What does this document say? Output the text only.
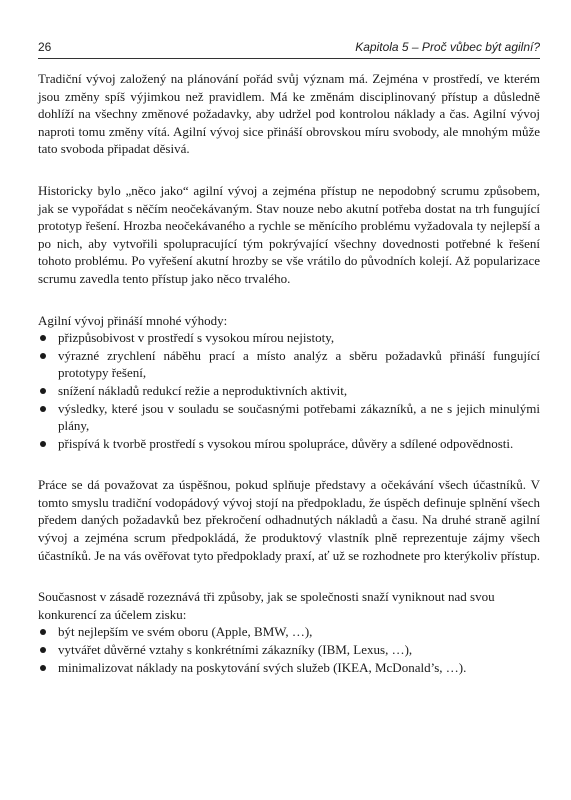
26	Kapitola 5 – Proč vůbec být agilní?

Tradiční vývoj založený na plánování pořád svůj význam má. Zejména v prostředí, ve kterém jsou změny spíš výjimkou než pravidlem. Má ke změnám disciplinovaný přístup a důsledně dohlíží na všechny změnové požadavky, aby udržel pod kontrolou náklady a čas. Agilní vývoj naproti tomu změny vítá. Agilní vývoj sice přináší obrovskou míru svobody, ale mnohým může tato svoboda připadat děsivá.

Historicky bylo „něco jako“ agilní vývoj a zejména přístup ne nepodobný scrumu způsobem, jak se vypořádat s něčím neočekávaným. Stav nouze nebo akutní potřeba dostat na trh fungující prototyp řešení. Hrozba neočekávaného a rychle se měnícího problému vyžadovala ty nejlepší a po nich, aby vytvořili spolupracující tým pokrývající všechny dovednosti potřebné k řešení tohoto problému. Po vyřešení akutní hrozby se vše vrátilo do původních kolejí. Až popularizace scrumu zavedla tento přístup jako něco trvalého.

Agilní vývoj přináší mnohé výhody:

přizpůsobivost v prostředí s vysokou mírou nejistoty,
výrazné zrychlení náběhu prací a místo analýz a sběru požadavků přináší fungující prototypy řešení,
snížení nákladů redukcí režie a neproduktivních aktivit,
výsledky, které jsou v souladu se současnými potřebami zákazníků, a ne s jejich minulými plány,
přispívá k tvorbě prostředí s vysokou mírou spolupráce, důvěry a sdílené odpovědnosti.

Práce se dá považovat za úspěšnou, pokud splňuje představy a očekávání všech účastníků. V tomto smyslu tradiční vodopádový vývoj stojí na předpokladu, že úspěch definuje splnění všech předem daných požadavků bez překročení odhadnutých nákladů a času. Na druhé straně agilní vývoj a zejména scrum předpokládá, že produktový vlastník plně reprezentuje zájmy všech účastníků. Je na vás ověřovat tyto předpoklady praxí, ať už se rozhodnete pro kterýkoliv přístup.

Současnost v zásadě rozeznává tři způsoby, jak se společnosti snaží vyniknout nad svou konkurencí za účelem zisku:

být nejlepším ve svém oboru (Apple, BMW, …),
vytvářet důvěrné vztahy s konkrétními zákazníky (IBM, Lexus, …),
minimalizovat náklady na poskytování svých služeb (IKEA, McDonald’s, …).
